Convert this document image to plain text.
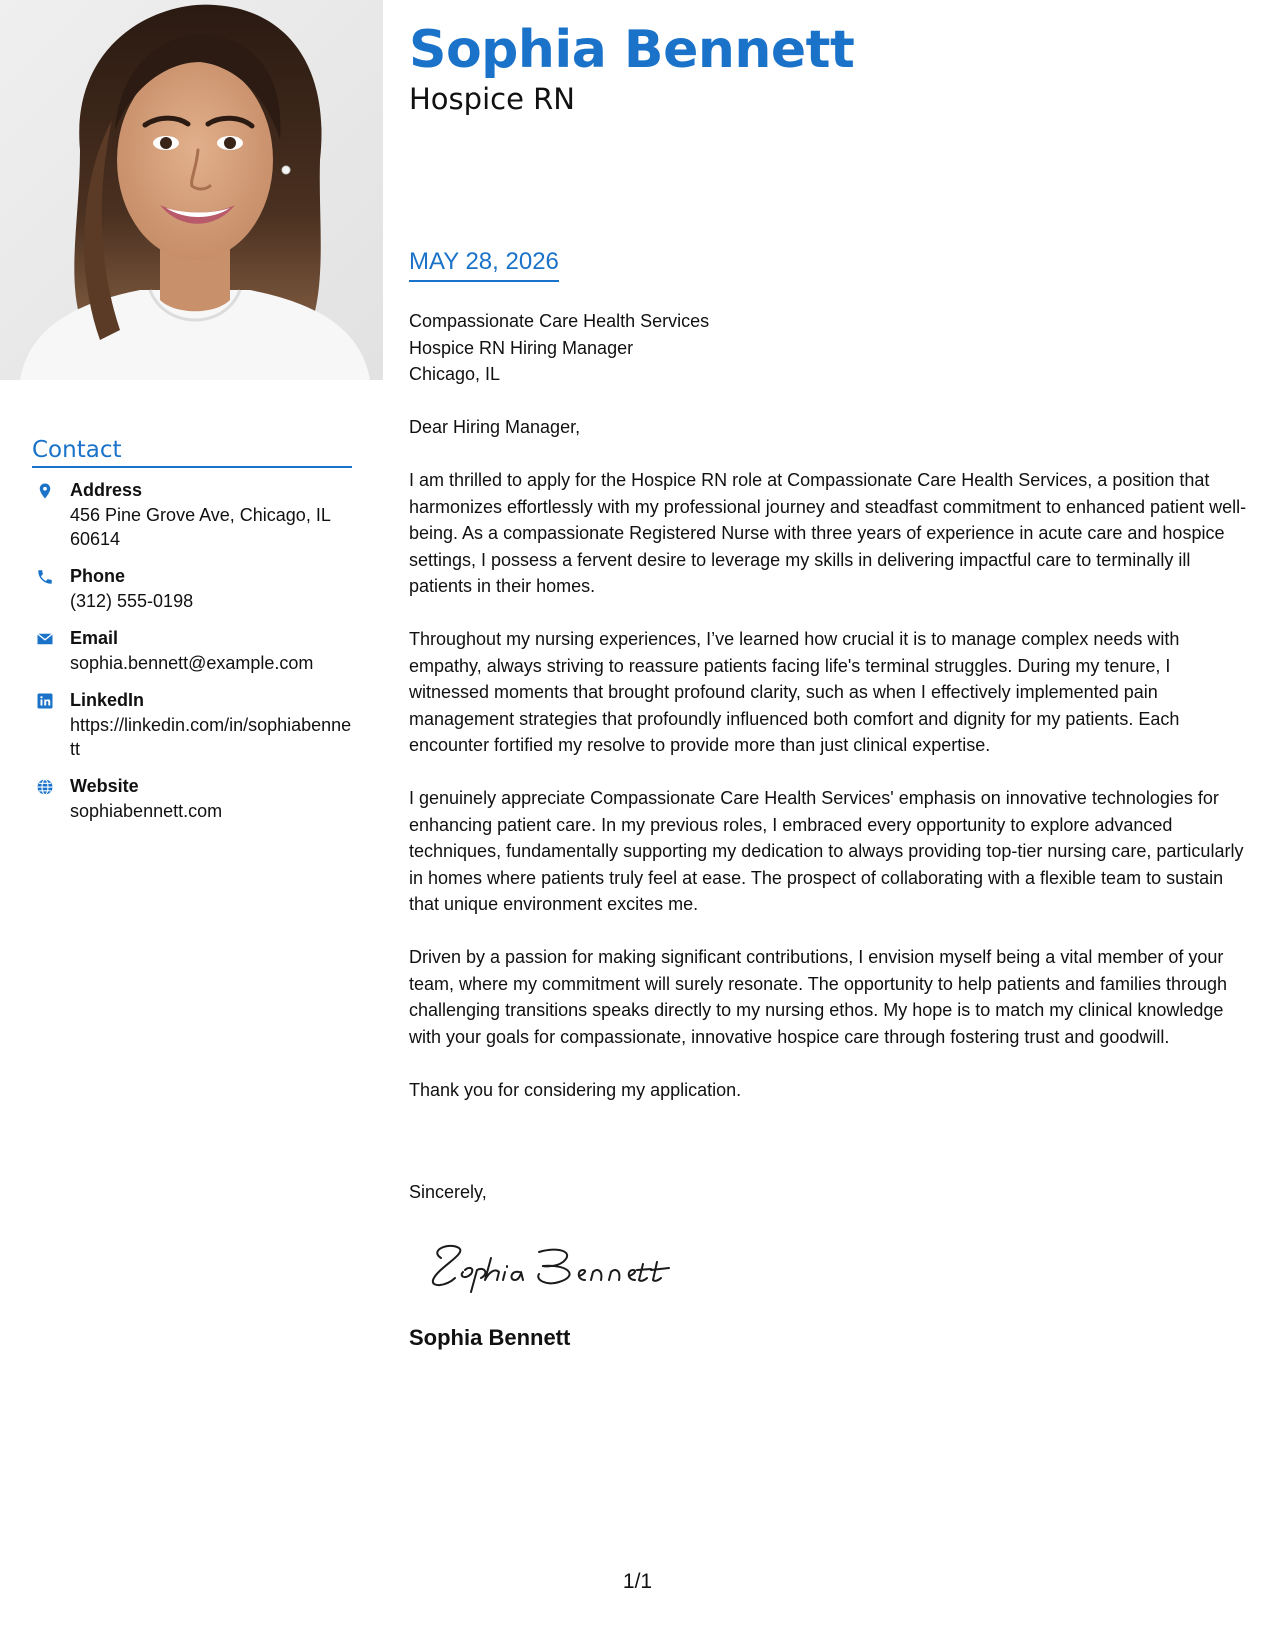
Contact
Address
456 Pine Grove Ave, Chicago, IL 60614
Phone
(312) 555-0198
Email
sophia.bennett@example.com
LinkedIn
https://linkedin.com/in/sophiabennett
Website
sophiabennett.com
Sophia Bennett
Hospice RN
MAY 28, 2026
Compassionate Care Health Services
Hospice RN Hiring Manager
Chicago, IL

Dear Hiring Manager,

I am thrilled to apply for the Hospice RN role at Compassionate Care Health Services, a position that harmonizes effortlessly with my professional journey and steadfast commitment to enhanced patient well-being. As a compassionate Registered Nurse with three years of experience in acute care and hospice settings, I possess a fervent desire to leverage my skills in delivering impactful care to terminally ill patients in their homes.

Throughout my nursing experiences, I’ve learned how crucial it is to manage complex needs with empathy, always striving to reassure patients facing life's terminal struggles. During my tenure, I witnessed moments that brought profound clarity, such as when I effectively implemented pain management strategies that profoundly influenced both comfort and dignity for my patients. Each encounter fortified my resolve to provide more than just clinical expertise.

I genuinely appreciate Compassionate Care Health Services' emphasis on innovative technologies for enhancing patient care. In my previous roles, I embraced every opportunity to explore advanced techniques, fundamentally supporting my dedication to always providing top-tier nursing care, particularly in homes where patients truly feel at ease. The prospect of collaborating with a flexible team to sustain that unique environment excites me.

Driven by a passion for making significant contributions, I envision myself being a vital member of your team, where my commitment will surely resonate. The opportunity to help patients and families through challenging transitions speaks directly to my nursing ethos. My hope is to match my clinical knowledge with your goals for compassionate, innovative hospice care through fostering trust and goodwill.

Thank you for considering my application.

Sincerely,
Sophia Bennett
1/1
